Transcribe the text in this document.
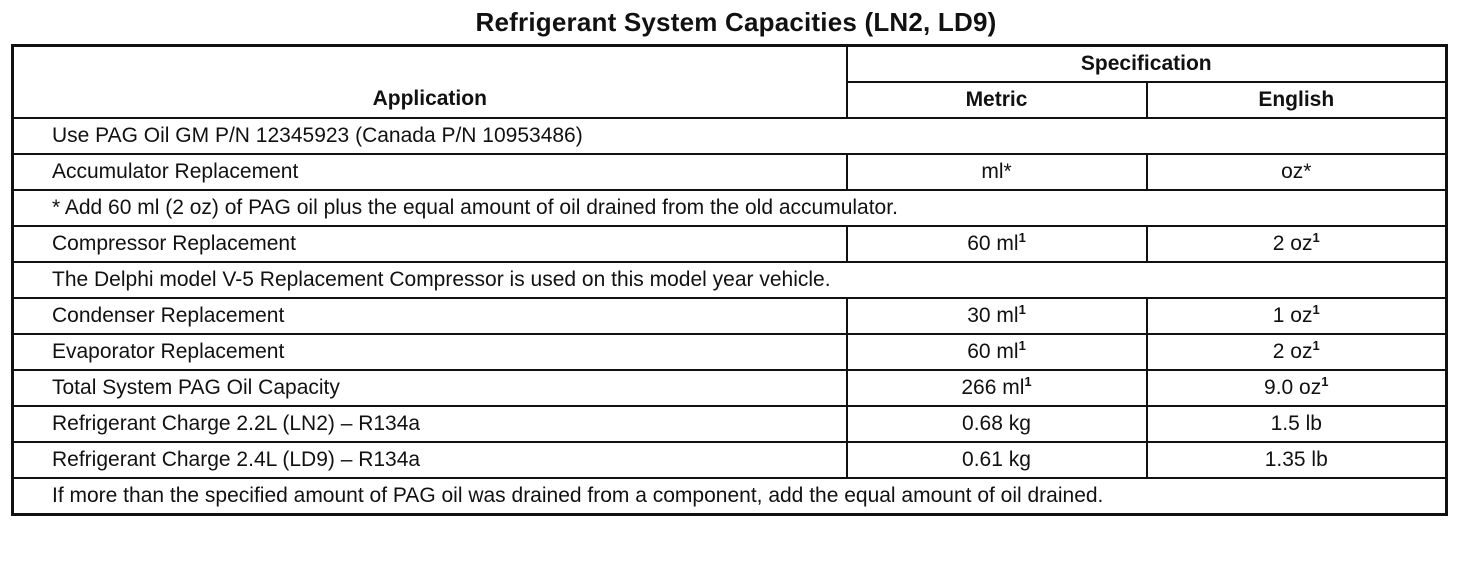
Refrigerant System Capacities (LN2, LD9)
Application	Specification	
	Metric	English
Use PAG Oil GM P/N 12345923 (Canada P/N 10953486)		
Accumulator Replacement	ml*	oz*
* Add 60 ml (2 oz) of PAG oil plus the equal amount of oil drained from the old accumulator.		
Compressor Replacement	60 $ml^1$	2 $oz^1$
The Delphi model V-5 Replacement Compressor is used on this model year vehicle.		
Condenser Replacement	30 $ml^1$	1 $oz^1$
Evaporator Replacement	60 $ml^1$	2 $oz^1$
Total System PAG Oil Capacity	266 $ml^1$	9.0 $oz^1$
Refrigerant Charge 2.2L (LN2) – R134a	0.68 kg	1.5 lb
Refrigerant Charge 2.4L (LD9) – R134a	0.61 kg	1.35 lb
If more than the specified amount of PAG oil was drained from a component, add the equal amount of oil drained.		
